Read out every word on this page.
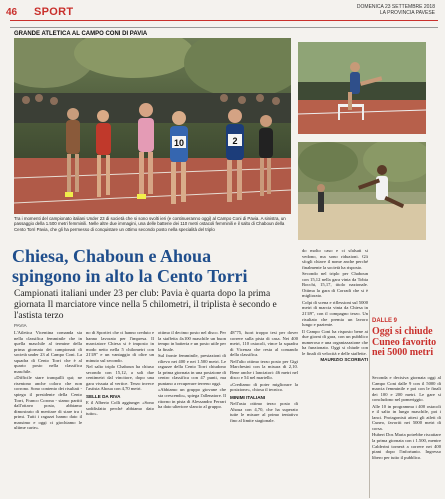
46 SPORT	DOMENICA 23 SETTEMBRE 2018
LA PROVINCIA PAVESE
GRANDE ATLETICA AL CAMPO CONI DI PAVIA
10	2
Tra i momenti del campionato italiani Under 23 di società che si sono svolti ieri (e continueranno oggi) al Campo Coni di Pavia. A sinistra, un passaggio della 1.500 metri femminili. Nelle altre due immagini, una delle batterie dei 110 metri ostacoli femminili e il salto di Chaboun della Cento Torri Pavia, che gli ha permesso di conquistare un ottimo secondo posto nella specialità del triplo
Chiesa, Chaboun e Ahoua
spingono in alto la Cento Torri
Campionati italiani under 23 per club: Pavia è quarta dopo la prima giornata Il marciatore vince nella 5 chilometri, il triplista è secondo e l'astista terzo
PAVIA

L'Atletica Vicentina comanda sia nella classifica femminile che in quella maschile al termine della prima giornata dei campionati di società under 23 al Campo Coni. La squadra di Cento Torri che è al quarto posto nella classifica maschile.

«Difficile stare tranquilli qui; ne risentono anche coloro che non corrono. Sono contento dei risultati - spiega il presidente della Cento Torri, Franco Corona - siamo partiti dall'ottavo posto, abbiamo dimostrato di meritare di stare tra i primi. Tutti i ragazzi hanno dato il massimo e oggi ci giochiamo le ultime carte».

no di Sportivi che ci hanno creduto e hanno lavorato per l'impresa. Il marciatore Chiesa si è imposto in modo netto nella 5 chilometri con 21'49" e un vantaggio di oltre un minuto sul secondo.

Nel salto triplo Chaboun ha chiuso secondo con 15,12, a soli due centimetri dal vincitore, dopo una gara vissuta al vertice. Terzo invece l'astista Ahoua con 4,70 metri.

SELLE DA RIVA

E il Alberto Colli aggiunge: «Sono soddisfatto perché abbiamo dato tutto».

ottimo il decimo posto nel disco. Per la staffetta 4x100 maschile un buon tempo in batteria e un posto utile per la finale.

Sul fronte femminile, prestazioni di rilievo nei 400 e nei 1.500 metri. Le ragazze della Cento Torri chiudono la prima giornata in una posizione di centro classifica con 47 punti, ma puntano a recuperare terreno oggi.

«Abbiamo un gruppo giovane che sta crescendo», spiega l'allenatore. Il ritorno in pista di Alessandro Ferrari ha dato ulteriore slancio al gruppo.

48"75, fuori troppo tesi per dover correre sulla pista di casa. Nei 400 metri, 110 ostacoli, vince la squadra di Vicenza che resta al comando della classifica.

Nell'alto ottimo terzo posto per Gigi Marchesini con la misura di 2,10. Bene anche i lanciatori: 46 metri nel disco e 54 nel martello.

«Crediamo di poter migliorare la posizione», chiosa il tecnico.

MINIMI ITALIANI

Nell'asta ottimo terzo posto di Ahoua con 4,70, che ha superato tutte le misure al primo tentativo fino al limite stagionale.

do molto caso e ci sfalsati si vedono, ma sono riduzioni. Gli sfogli chiave il nome anche perché finalmente la società ha risposto.

Secondo nel triplo per Chaboun con 15,12 nella gara vinta da Tobia Bocchi, 15,17, titolo nazionale. Ottima la gara di Corradi che si è migliorato.

Colpi di scena e riflessioni sul 5000 metri di marcia vinta da Chiesa in 21'49", con il compagno terzo. Un risultato che premia un lavoro lungo e paziente.

Il Campo Coni ha risposto bene ai due giorni di gara, con un pubblico numeroso e una organizzazione che ha funzionato. Oggi si chiude con le finali di velocità e delle staffette.

MAURIZIO SCORBATI
DALLE 9
Oggi si chiude Cuneo favorito nei 5000 metri

Seconda e decisiva giornata oggi al Campo Coni dalle 9 con il 5000 di marcia femminile e poi con le finali dei 100 e 200 metri. Le gare si concludono nel pomeriggio.

Alle 10 in programma i 400 ostacoli e il salto in lungo maschile, poi i lanci. Protagonisti attesi gli atleti di Cuneo, favoriti nei 5000 metri di corsa.

Hubert Dos Maria potrebbe riscattare la prima giornata con i 1.500, mentre Calderini tornerà a correre nei 400 piani dopo l'infortunio. Ingresso libero per tutto il pubblico.
